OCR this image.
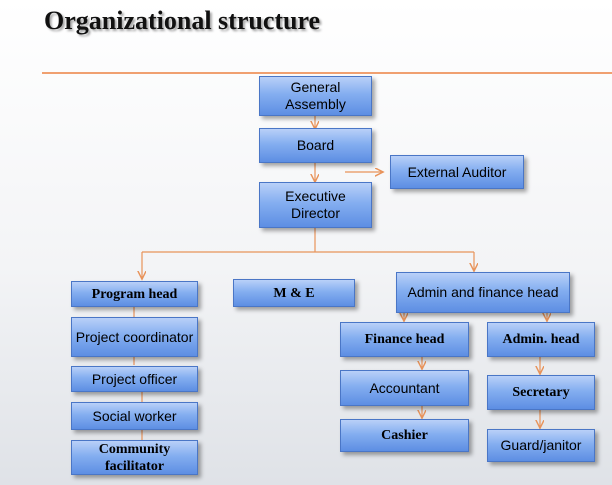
Organizational structure
General Assembly
Board
External Auditor
Executive Director
Program head	M & E	Admin and finance head
Project coordinator
Project officer
Social worker
Community facilitator
Finance head	Admin. head
Accountant	Secretary
Cashier
Guard/janitor
